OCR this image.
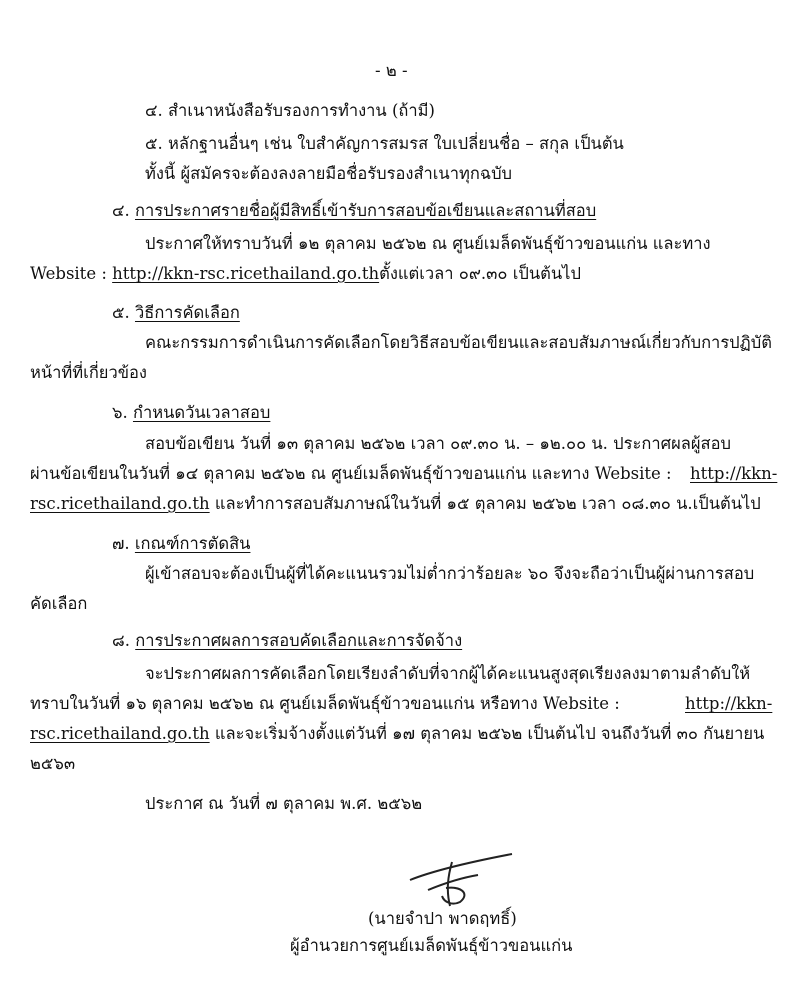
- ๒ -
๔. สำเนาหนังสือรับรองการทำงาน (ถ้ามี)
๕. หลักฐานอื่นๆ เช่น ใบสำคัญการสมรส ใบเปลี่ยนชื่อ – สกุล เป็นต้น
ทั้งนี้ ผู้สมัครจะต้องลงลายมือชื่อรับรองสำเนาทุกฉบับ
๔. การประกาศรายชื่อผู้มีสิทธิ์เข้ารับการสอบข้อเขียนและสถานที่สอบ
ประกาศให้ทราบวันที่ ๑๒ ตุลาคม ๒๕๖๒ ณ ศูนย์เมล็ดพันธุ์ข้าวขอนแก่น และทาง
Website : http://kkn-rsc.ricethailand.go.thตั้งแต่เวลา ๐๙.๓๐ เป็นต้นไป
๕. วิธีการคัดเลือก
คณะกรรมการดำเนินการคัดเลือกโดยวิธีสอบข้อเขียนและสอบสัมภาษณ์เกี่ยวกับการปฏิบัติ
หน้าที่ที่เกี่ยวข้อง
๖. กำหนดวันเวลาสอบ
สอบข้อเขียน วันที่ ๑๓ ตุลาคม ๒๕๖๒ เวลา ๐๙.๓๐ น. – ๑๒.๐๐ น. ประกาศผลผู้สอบ
ผ่านข้อเขียนในวันที่ ๑๔ ตุลาคม ๒๕๖๒ ณ ศูนย์เมล็ดพันธุ์ข้าวขอนแก่น และทาง Website : http://kkn-
rsc.ricethailand.go.th และทำการสอบสัมภาษณ์ในวันที่ ๑๕ ตุลาคม ๒๕๖๒ เวลา ๐๘.๓๐ น.เป็นต้นไป
๗. เกณฑ์การตัดสิน
ผู้เข้าสอบจะต้องเป็นผู้ที่ได้คะแนนรวมไม่ต่ำกว่าร้อยละ ๖๐ จึงจะถือว่าเป็นผู้ผ่านการสอบ
คัดเลือก
๘. การประกาศผลการสอบคัดเลือกและการจัดจ้าง
จะประกาศผลการคัดเลือกโดยเรียงลำดับที่จากผู้ได้คะแนนสูงสุดเรียงลงมาตามลำดับให้
ทราบในวันที่ ๑๖ ตุลาคม ๒๕๖๒ ณ ศูนย์เมล็ดพันธุ์ข้าวขอนแก่น หรือทาง Website :	http://kkn-
rsc.ricethailand.go.th และจะเริ่มจ้างตั้งแต่วันที่ ๑๗ ตุลาคม ๒๕๖๒ เป็นต้นไป จนถึงวันที่ ๓๐ กันยายน
๒๕๖๓
ประกาศ ณ วันที่ ๗ ตุลาคม พ.ศ. ๒๕๖๒
(นายจำปา พาดฤทธิ์)
ผู้อำนวยการศูนย์เมล็ดพันธุ์ข้าวขอนแก่น
